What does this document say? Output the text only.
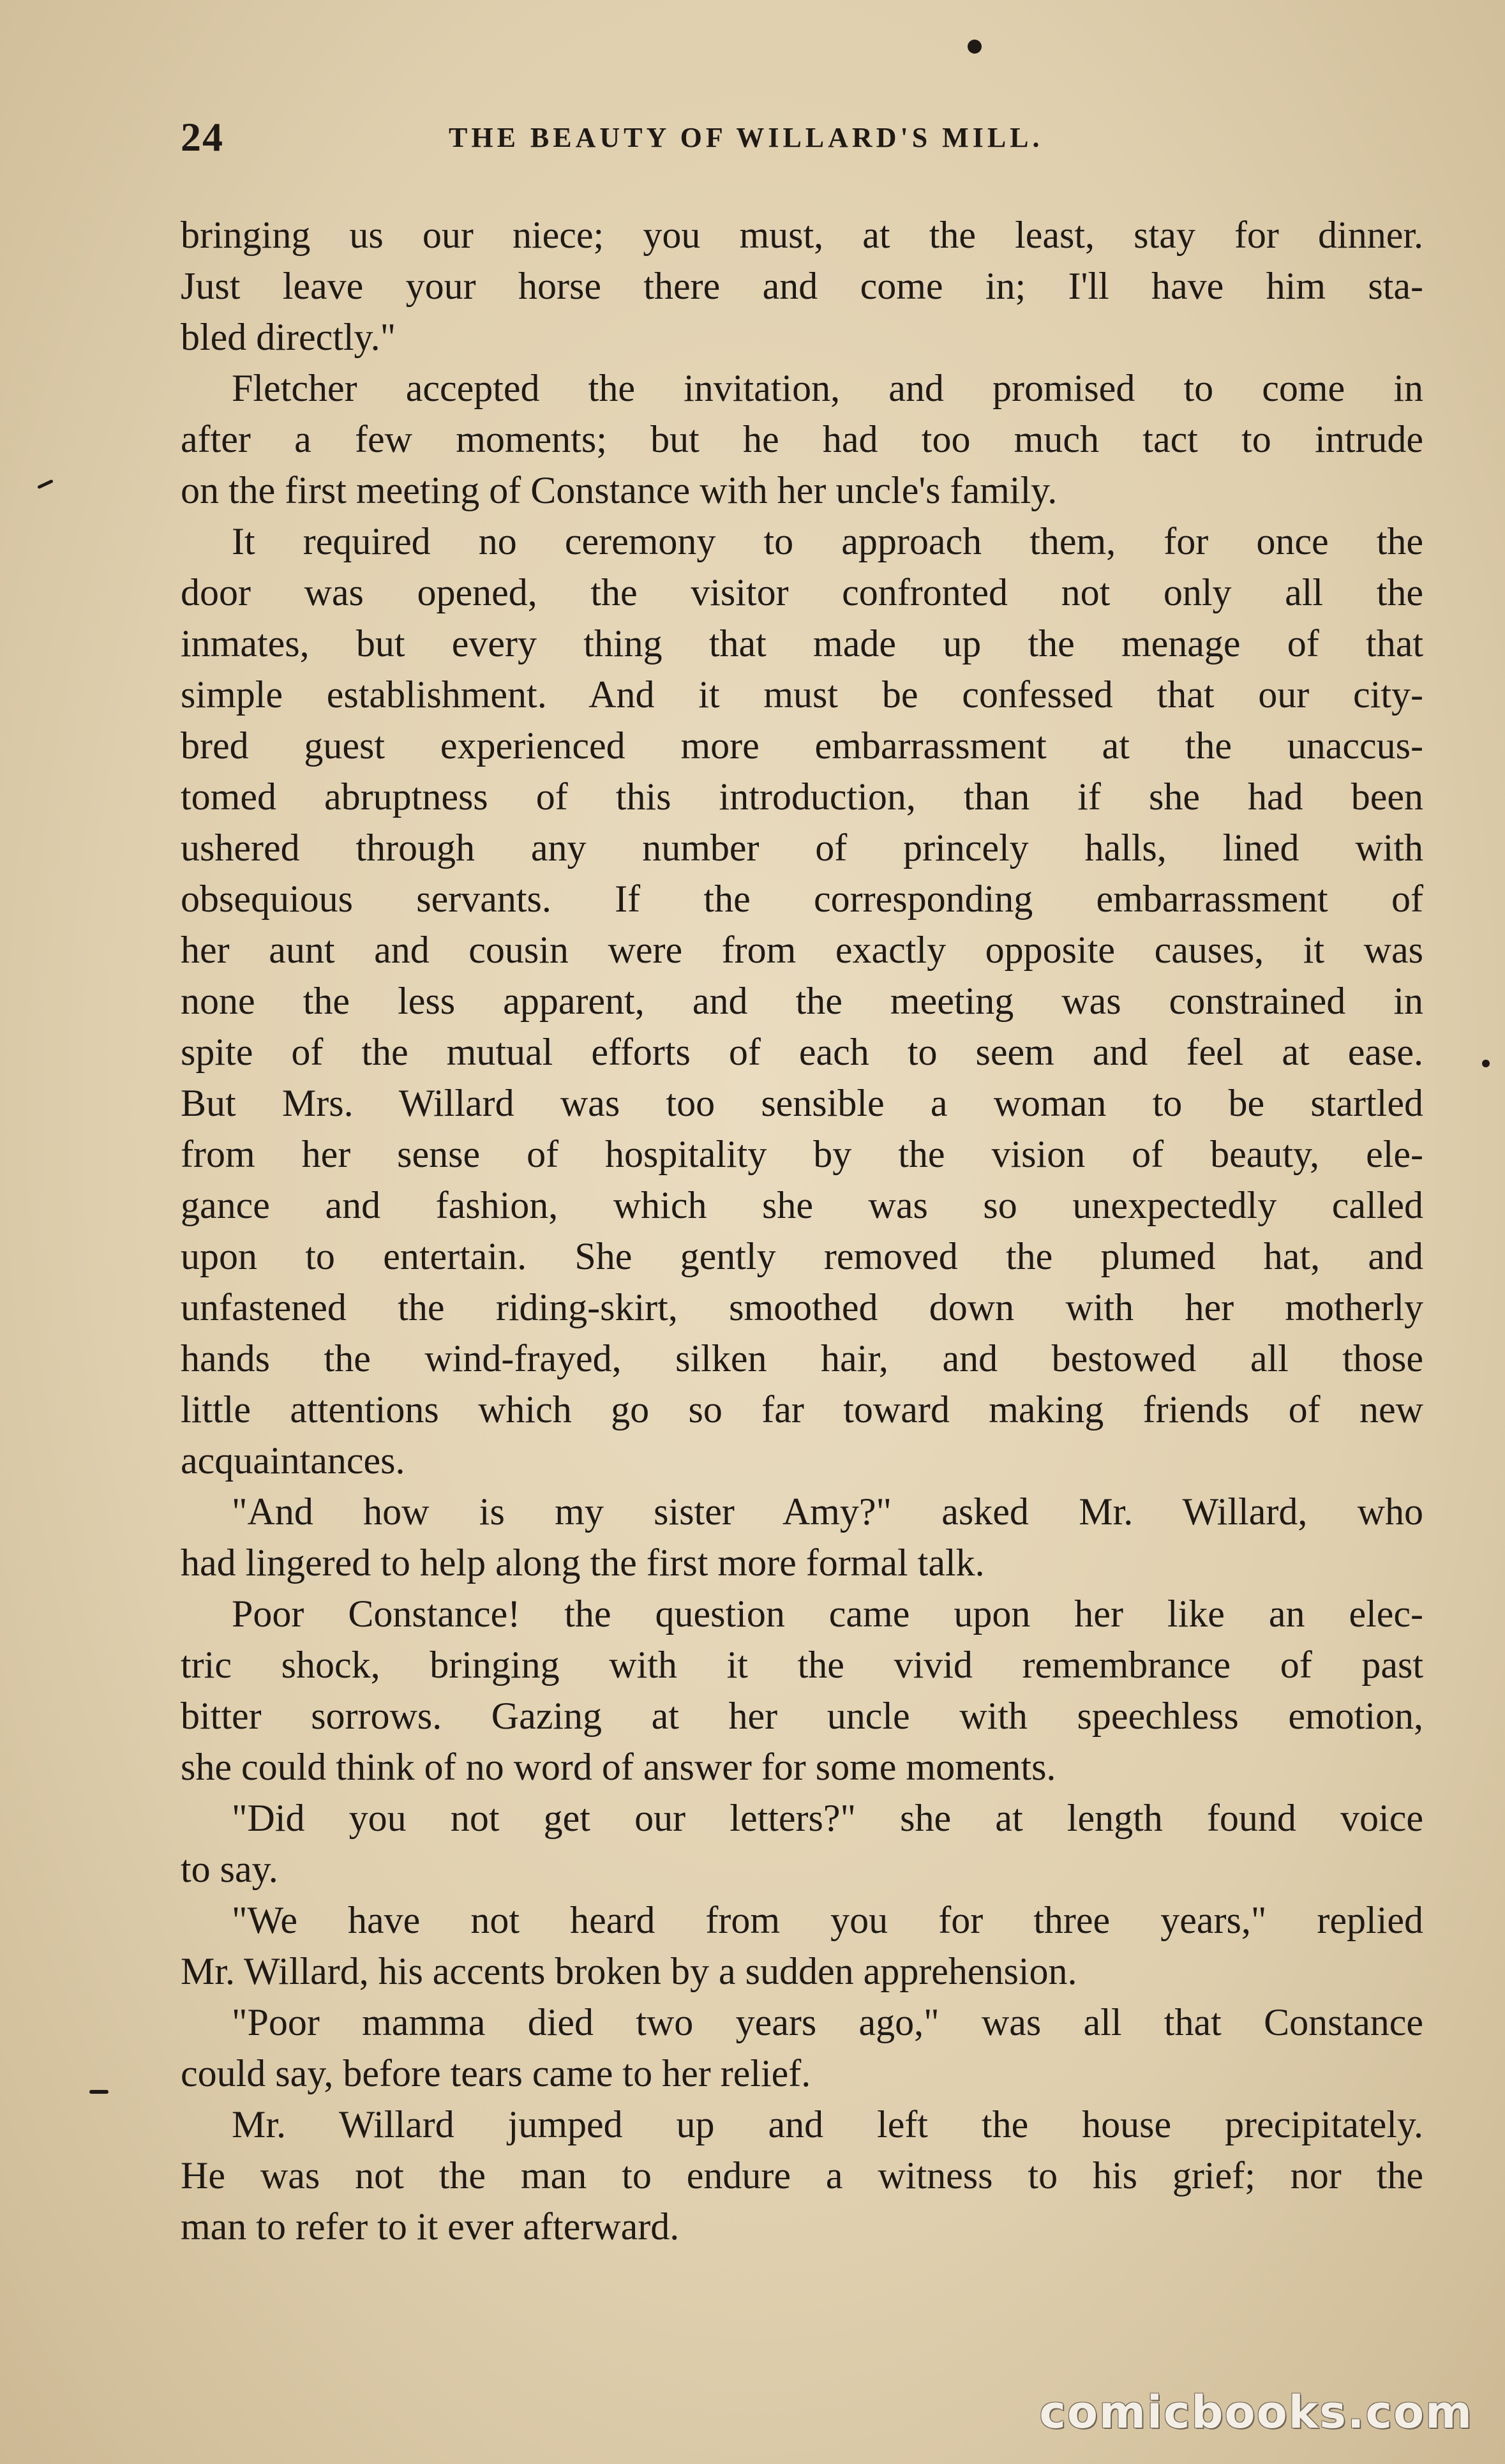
24	THE BEAUTY OF WILLARD'S MILL.
bringing us our niece; you must, at the least, stay for dinner.
Just leave your horse there and come in; I'll have him sta-
bled directly."
Fletcher accepted the invitation, and promised to come in
after a few moments; but he had too much tact to intrude
on the first meeting of Constance with her uncle's family.
It required no ceremony to approach them, for once the
door was opened, the visitor confronted not only all the
inmates, but every thing that made up the menage of that
simple establishment. And it must be confessed that our city-
bred guest experienced more embarrassment at the unaccus-
tomed abruptness of this introduction, than if she had been
ushered through any number of princely halls, lined with
obsequious servants. If the corresponding embarrassment of
her aunt and cousin were from exactly opposite causes, it was
none the less apparent, and the meeting was constrained in
spite of the mutual efforts of each to seem and feel at ease.
But Mrs. Willard was too sensible a woman to be startled
from her sense of hospitality by the vision of beauty, ele-
gance and fashion, which she was so unexpectedly called
upon to entertain. She gently removed the plumed hat, and
unfastened the riding-skirt, smoothed down with her motherly
hands the wind-frayed, silken hair, and bestowed all those
little attentions which go so far toward making friends of new
acquaintances.
"And how is my sister Amy?" asked Mr. Willard, who
had lingered to help along the first more formal talk.
Poor Constance! the question came upon her like an elec-
tric shock, bringing with it the vivid remembrance of past
bitter sorrows. Gazing at her uncle with speechless emotion,
she could think of no word of answer for some moments.
"Did you not get our letters?" she at length found voice
to say.
"We have not heard from you for three years," replied
Mr. Willard, his accents broken by a sudden apprehension.
"Poor mamma died two years ago," was all that Constance
could say, before tears came to her relief.
Mr. Willard jumped up and left the house precipitately.
He was not the man to endure a witness to his grief; nor the
man to refer to it ever afterward.
comicbooks.com
